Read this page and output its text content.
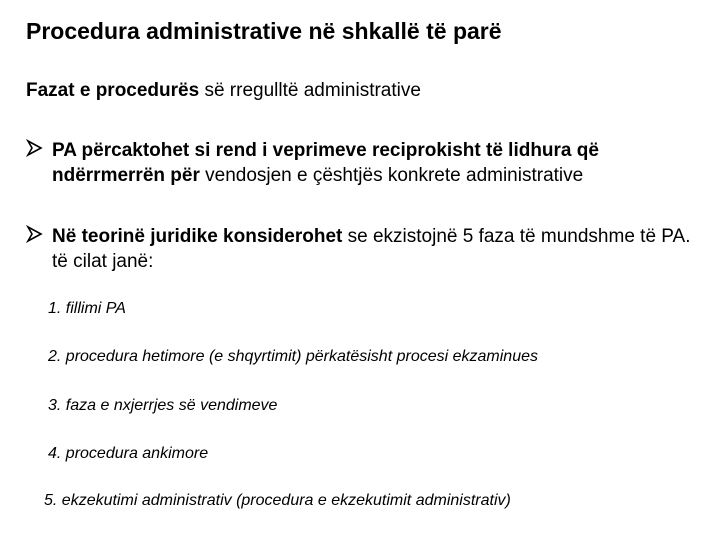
Procedura administrative në shkallë të parë
Fazat e procedurës së rregulltë administrative
PA përcaktohet si rend i veprimeve reciprokisht të lidhura që ndërrmerrën për vendosjen e çështjës konkrete administrative
Në teorinë juridike konsiderohet se ekzistojnë 5 faza të mundshme të PA. të cilat janë:
1. fillimi PA
2. procedura hetimore (e shqyrtimit) përkatësisht procesi ekzaminues
3. faza e nxjerrjes së vendimeve
4. procedura ankimore
5. ekzekutimi administrativ (procedura e ekzekutimit administrativ)
